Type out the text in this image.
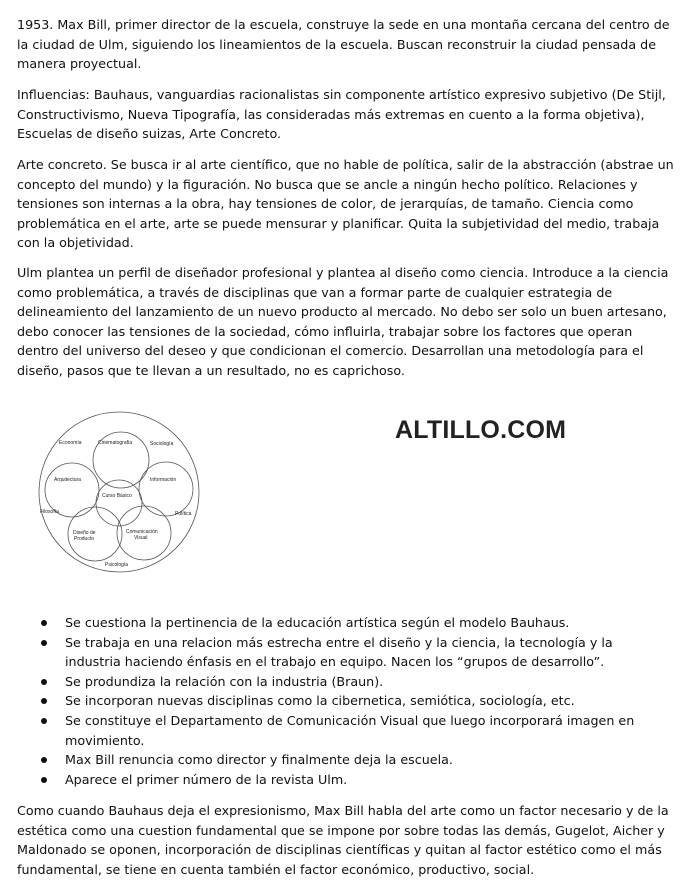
1953. Max Bill, primer director de la escuela, construye la sede en una montaña cercana del centro de la ciudad de Ulm, siguiendo los lineamientos de la escuela. Buscan reconstruir la ciudad pensada de manera proyectual.

Influencias: Bauhaus, vanguardias racionalistas sin componente artístico expresivo subjetivo (De Stijl, Constructivismo, Nueva Tipografía, las consideradas más extremas en cuento a la forma objetiva), Escuelas de diseño suizas, Arte Concreto.

Arte concreto. Se busca ir al arte científico, que no hable de política, salir de la abstracción (abstrae un concepto del mundo) y la figuración. No busca que se ancle a ningún hecho político. Relaciones y tensiones son internas a la obra, hay tensiones de color, de jerarquías, de tamaño. Ciencia como problemática en el arte, arte se puede mensurar y planificar. Quita la subjetividad del medio, trabaja con la objetividad.

Ulm plantea un perfil de diseñador profesional y plantea al diseño como ciencia. Introduce a la ciencia como problemática, a través de disciplinas que van a formar parte de cualquier estrategia de delineamiento del lanzamiento de un nuevo producto al mercado. No debo ser solo un buen artesano, debo conocer las tensiones de la sociedad, cómo influirla, trabajar sobre los factores que operan dentro del universo del deseo y que condicionan el comercio. Desarrollan una metodología para el diseño, pasos que te llevan a un resultado, no es caprichoso.

Economía	Cinematografía	Sociología
Arquitectura	Información
Curso Básico
Filosofía	Política
Diseño de
Producto
Comunicación
Visual
Psicología
ALTILLO.COM
Se cuestiona la pertinencia de la educación artística según el modelo Bauhaus.
Se trabaja en una relacion más estrecha entre el diseño y la ciencia, la tecnología y la industria haciendo énfasis en el trabajo en equipo. Nacen los “grupos de desarrollo”.
Se produndiza la relación con la industria (Braun).
Se incorporan nuevas disciplinas como la cibernetica, semiótica, sociología, etc.
Se constituye el Departamento de Comunicación Visual que luego incorporará imagen en movimiento.
Max Bill renuncia como director y finalmente deja la escuela.
Aparece el primer número de la revista Ulm.

Como cuando Bauhaus deja el expresionismo, Max Bill habla del arte como un factor necesario y de la estética como una cuestion fundamental que se impone por sobre todas las demás, Gugelot, Aicher y Maldonado se oponen, incorporación de disciplinas científicas y quitan al factor estético como el más fundamental, se tiene en cuenta también el factor económico, productivo, social.
